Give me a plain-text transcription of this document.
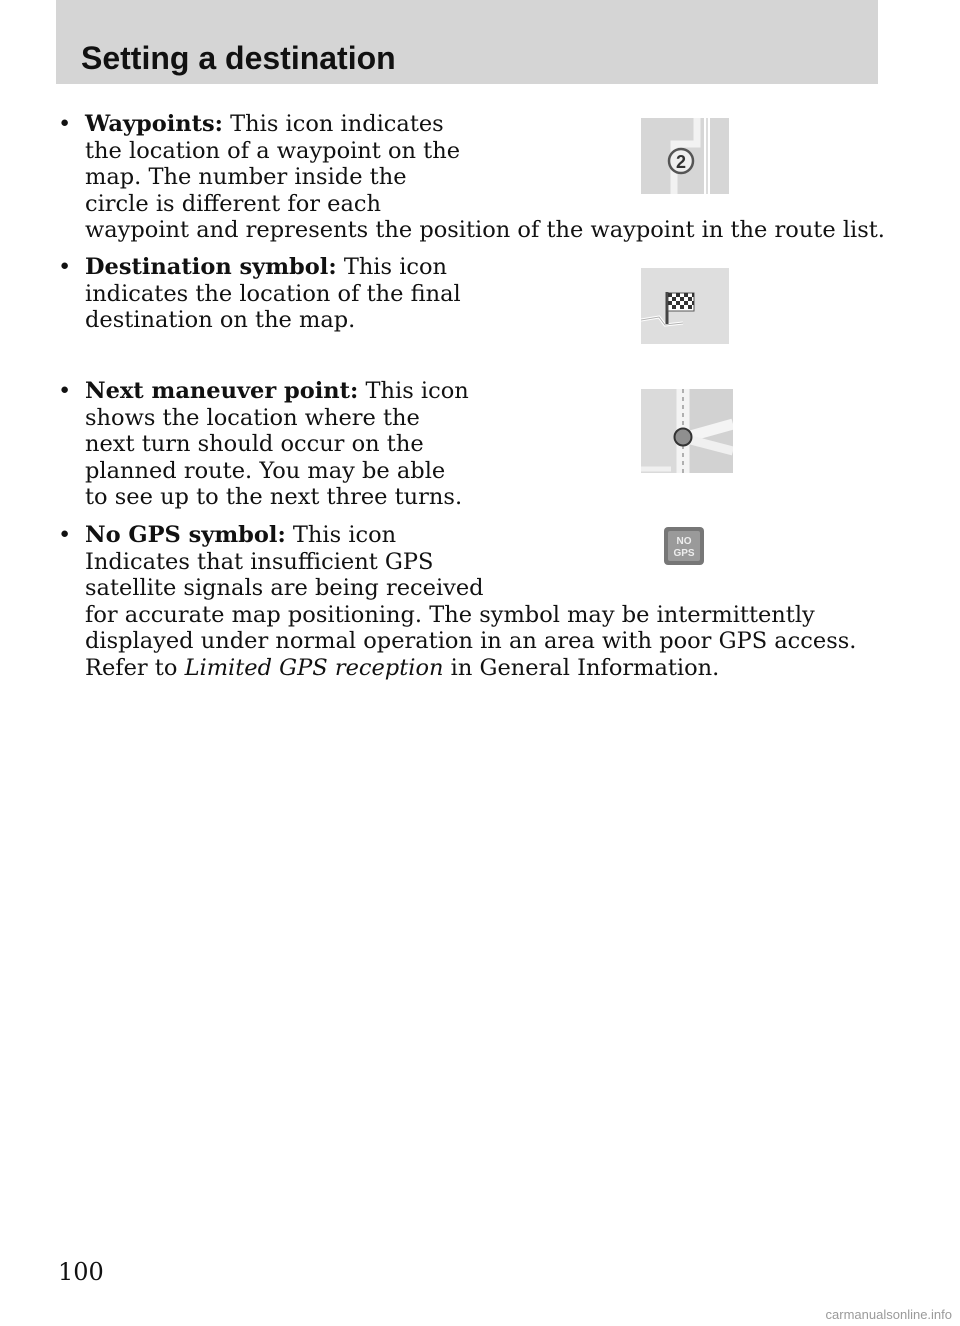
Setting a destination
• Waypoints: This icon indicates
the location of a waypoint on the
map. The number inside the
circle is different for each
waypoint and represents the position of the waypoint in the route list.
2
• Destination symbol: This icon
indicates the location of the final
destination on the map.
• Next maneuver point: This icon
shows the location where the
next turn should occur on the
planned route. You may be able
to see up to the next three turns.
• No GPS symbol: This icon
Indicates that insufficient GPS
satellite signals are being received
for accurate map positioning. The symbol may be intermittently
displayed under normal operation in an area with poor GPS access.
Refer to Limited GPS reception in General Information.
NO
GPS
100
carmanualsonline.info
